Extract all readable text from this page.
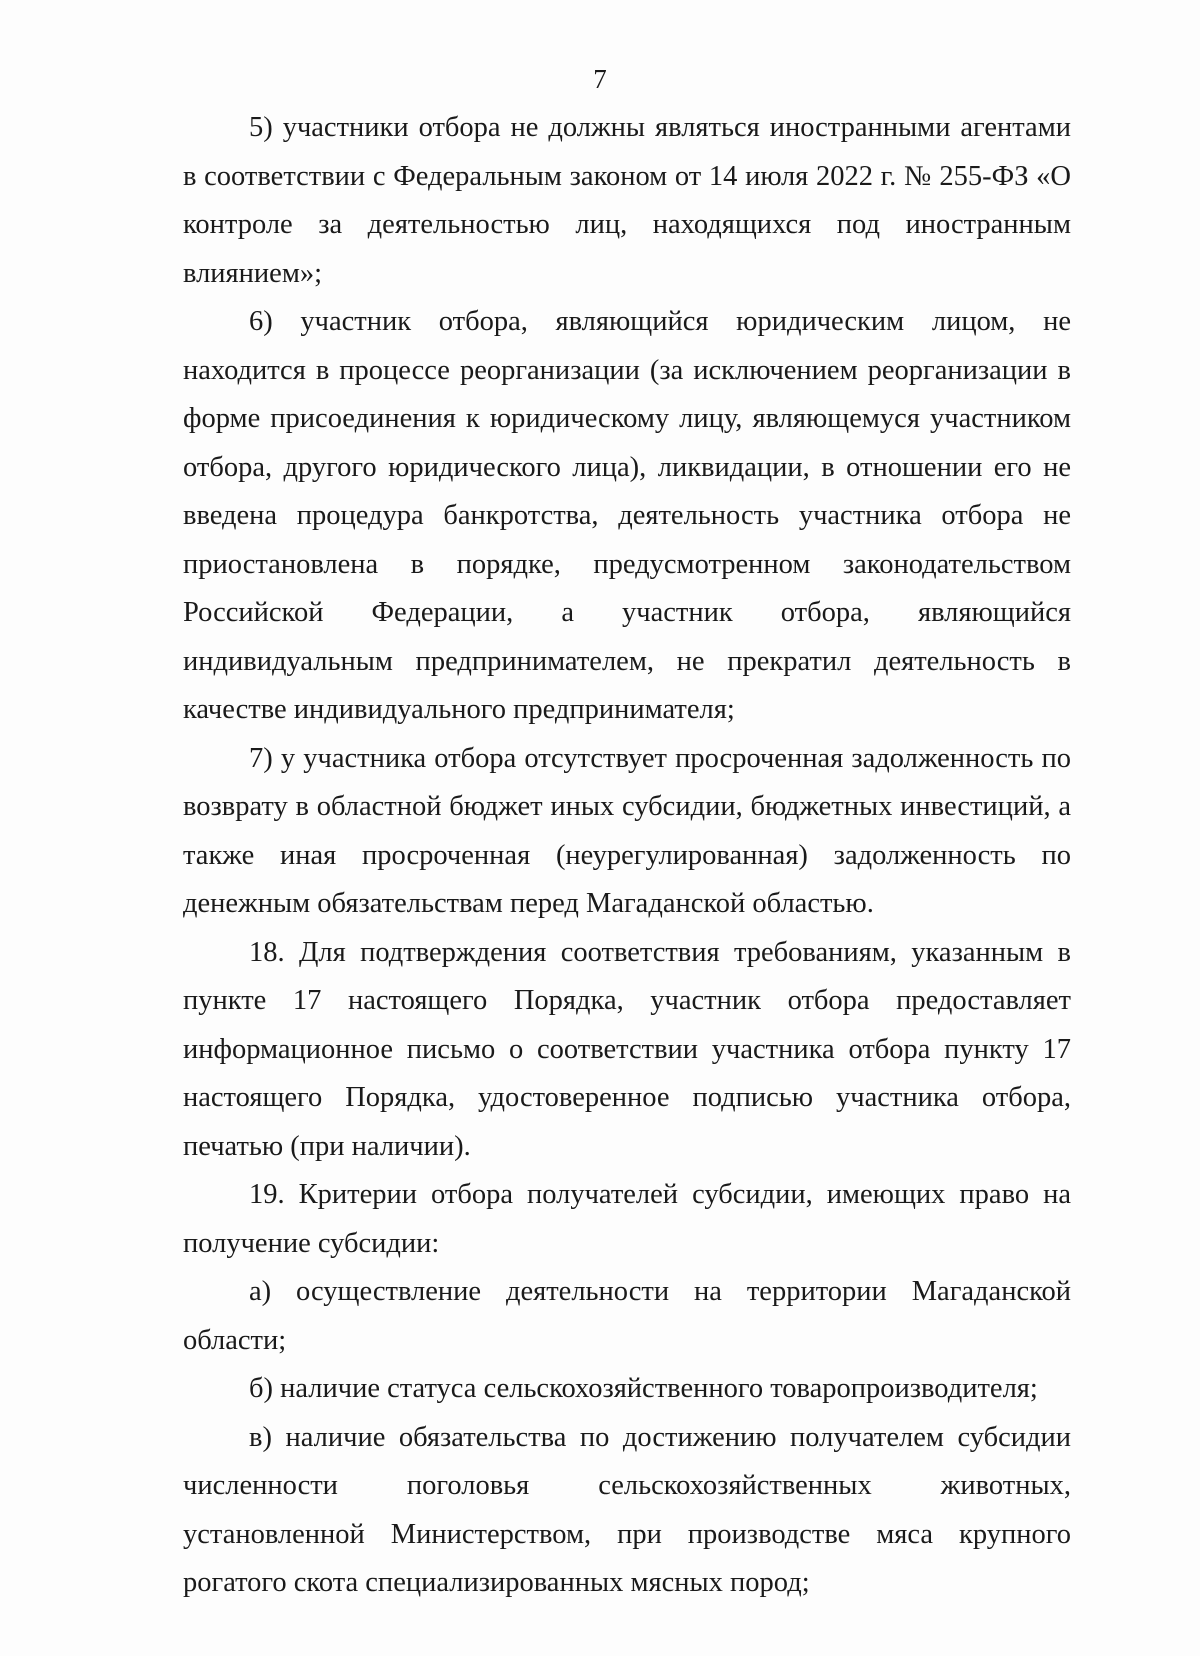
7

5) участники отбора не должны являться иностранными агентами в соответствии с Федеральным законом от 14 июля 2022 г. № 255-ФЗ «О контроле за деятельностью лиц, находящихся под иностранным влиянием»;

6) участник отбора, являющийся юридическим лицом, не находится в процессе реорганизации (за исключением реорганизации в форме присоединения к юридическому лицу, являющемуся участником отбора, другого юридического лица), ликвидации, в отношении его не введена процедура банкротства, деятельность участника отбора не приостановлена в порядке, предусмотренном законодательством Российской Федерации, а участник отбора, являющийся индивидуальным предпринимателем, не прекратил деятельность в качестве индивидуального предпринимателя;

7) у участника отбора отсутствует просроченная задолженность по возврату в областной бюджет иных субсидии, бюджетных инвестиций, а также иная просроченная (неурегулированная) задолженность по денежным обязательствам перед Магаданской областью.

18. Для подтверждения соответствия требованиям, указанным в пункте 17 настоящего Порядка, участник отбора предоставляет информационное письмо о соответствии участника отбора пункту 17 настоящего Порядка, удостоверенное подписью участника отбора, печатью (при наличии).

19. Критерии отбора получателей субсидии, имеющих право на получение субсидии:

а) осуществление деятельности на территории Магаданской области;

б) наличие статуса сельскохозяйственного товаропроизводителя;

в) наличие обязательства по достижению получателем субсидии численности поголовья сельскохозяйственных животных, установленной Министерством, при производстве мяса крупного рогатого скота специализированных мясных пород;
